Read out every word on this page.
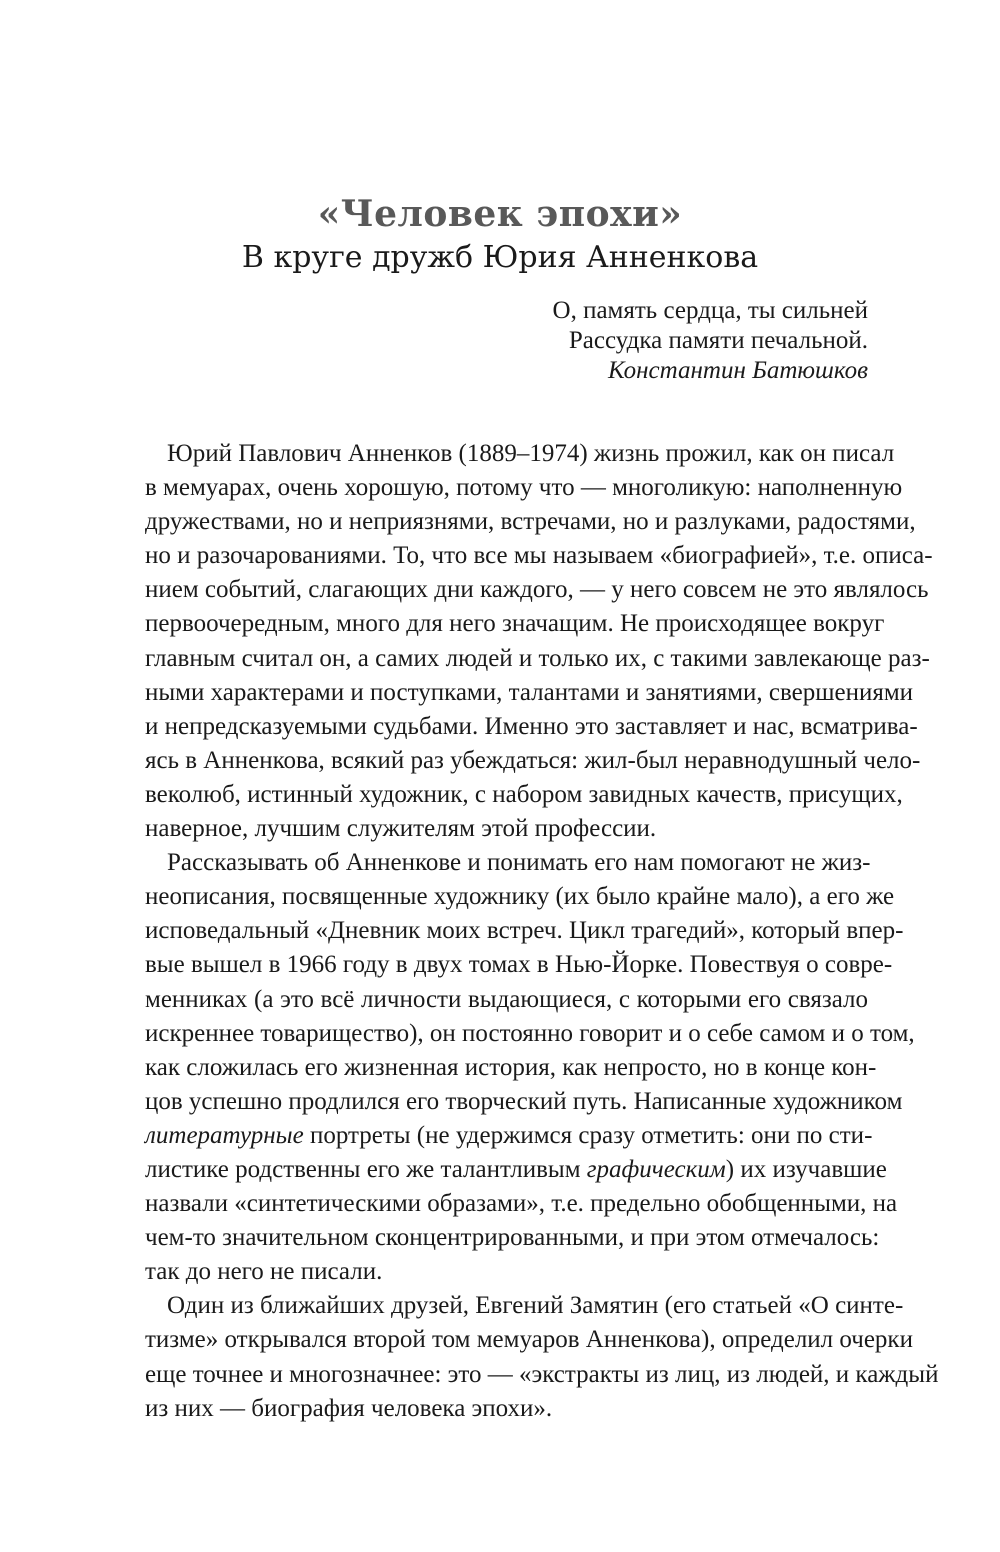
«Человек эпохи»
В круге дружб Юрия Анненкова
О, память сердца, ты сильней
Рассудка памяти печальной.
Константин Батюшков
Юрий Павлович Анненков (1889–1974) жизнь прожил, как он писал
в мемуарах, очень хорошую, потому что — многоликую: наполненную
дружествами, но и неприязнями, встречами, но и разлуками, радостями,
но и разочарованиями. То, что все мы называем «биографией», т.е. описа-
нием событий, слагающих дни каждого, — у него совсем не это являлось
первоочередным, много для него значащим. Не происходящее вокруг
главным считал он, а самих людей и только их, с такими завлекающе раз-
ными характерами и поступками, талантами и занятиями, свершениями
и непредсказуемыми судьбами. Именно это заставляет и нас, всматрива-
ясь в Анненкова, всякий раз убеждаться: жил-был неравнодушный чело-
веколюб, истинный художник, с набором завидных качеств, присущих,
наверное, лучшим служителям этой профессии.
Рассказывать об Анненкове и понимать его нам помогают не жиз-
неописания, посвященные художнику (их было крайне мало), а его же
исповедальный «Дневник моих встреч. Цикл трагедий», который впер-
вые вышел в 1966 году в двух томах в Нью-Йорке. Повествуя о совре-
менниках (а это всё личности выдающиеся, с которыми его связало
искреннее товарищество), он постоянно говорит и о себе самом и о том,
как сложилась его жизненная история, как непросто, но в конце кон-
цов успешно продлился его творческий путь. Написанные художником
литературные портреты (не удержимся сразу отметить: они по сти-
листике родственны его же талантливым графическим) их изучавшие
назвали «синтетическими образами», т.е. предельно обобщенными, на
чем-то значительном сконцентрированными, и при этом отмечалось:
так до него не писали.
Один из ближайших друзей, Евгений Замятин (его статьей «О синте-
тизме» открывался второй том мемуаров Анненкова), определил очерки
еще точнее и многозначнее: это — «экстракты из лиц, из людей, и каждый
из них — биография человека эпохи».
